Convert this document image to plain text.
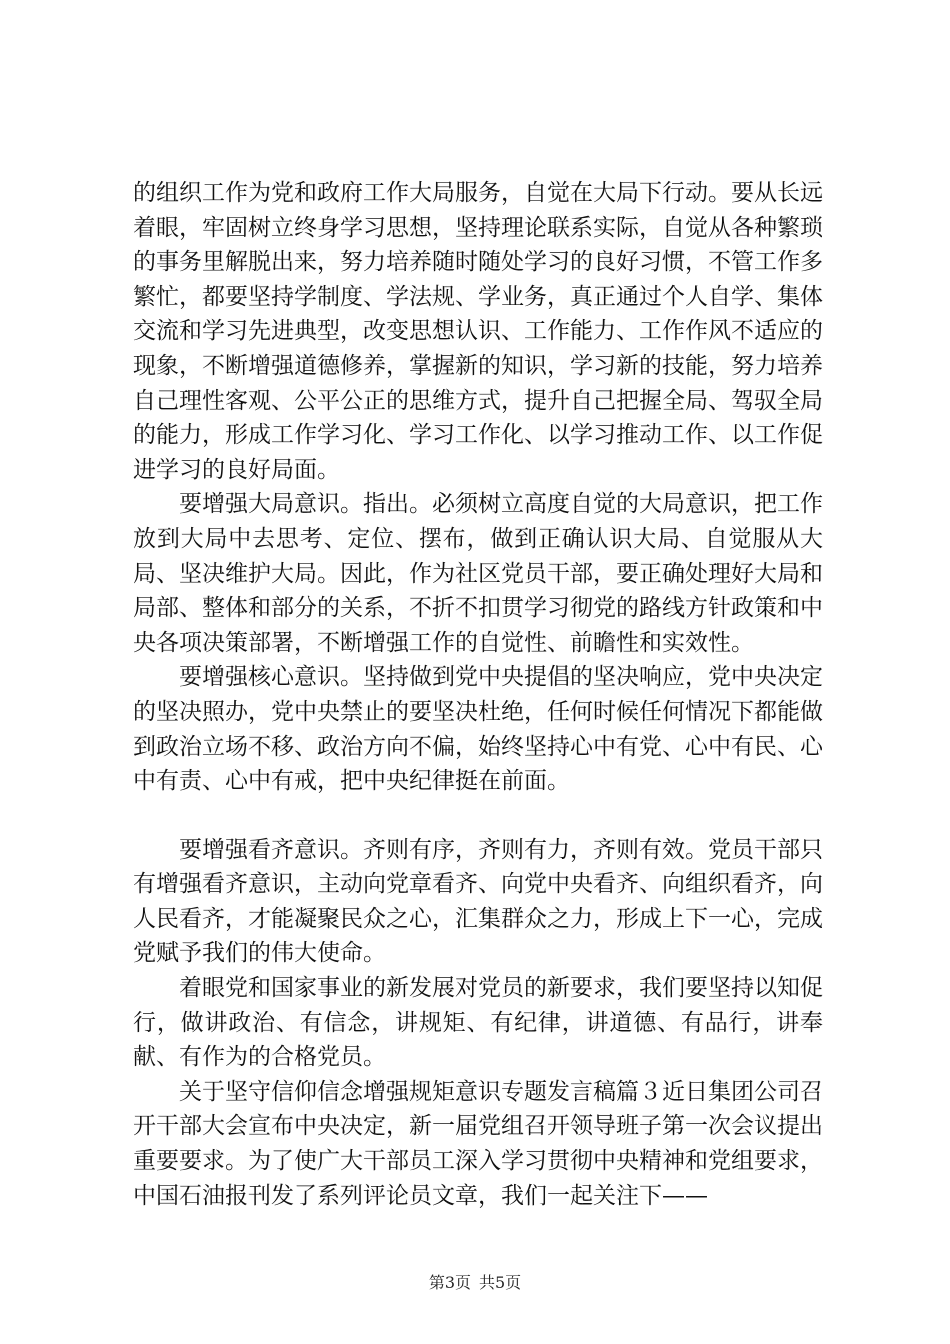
的组织工作为党和政府工作大局服务，自觉在大局下行动。要从长远着眼，牢固树立终身学习思想，坚持理论联系实际，自觉从各种繁琐的事务里解脱出来，努力培养随时随处学习的良好习惯，不管工作多繁忙，都要坚持学制度、学法规、学业务，真正通过个人自学、集体交流和学习先进典型，改变思想认识、工作能力、工作作风不适应的现象，不断增强道德修养，掌握新的知识，学习新的技能，努力培养自己理性客观、公平公正的思维方式，提升自己把握全局、驾驭全局的能力，形成工作学习化、学习工作化、以学习推动工作、以工作促进学习的良好局面。

要增强大局意识。指出。必须树立高度自觉的大局意识，把工作放到大局中去思考、定位、摆布，做到正确认识大局、自觉服从大局、坚决维护大局。因此，作为社区党员干部，要正确处理好大局和局部、整体和部分的关系，不折不扣贯学习彻党的路线方针政策和中央各项决策部署，不断增强工作的自觉性、前瞻性和实效性。

要增强核心意识。坚持做到党中央提倡的坚决响应，党中央决定的坚决照办，党中央禁止的要坚决杜绝，任何时候任何情况下都能做到政治立场不移、政治方向不偏，始终坚持心中有党、心中有民、心中有责、心中有戒，把中央纪律挺在前面。

要增强看齐意识。齐则有序，齐则有力，齐则有效。党员干部只有增强看齐意识，主动向党章看齐、向党中央看齐、向组织看齐，向人民看齐，才能凝聚民众之心，汇集群众之力，形成上下一心，完成党赋予我们的伟大使命。

着眼党和国家事业的新发展对党员的新要求，我们要坚持以知促行，做讲政治、有信念，讲规矩、有纪律，讲道德、有品行，讲奉献、有作为的合格党员。

关于坚守信仰信念增强规矩意识专题发言稿篇３近日集团公司召开干部大会宣布中央决定，新一届党组召开领导班子第一次会议提出重要要求。为了使广大干部员工深入学习贯彻中央精神和党组要求，中国石油报刊发了系列评论员文章，我们一起关注下——

第3页 共5页
